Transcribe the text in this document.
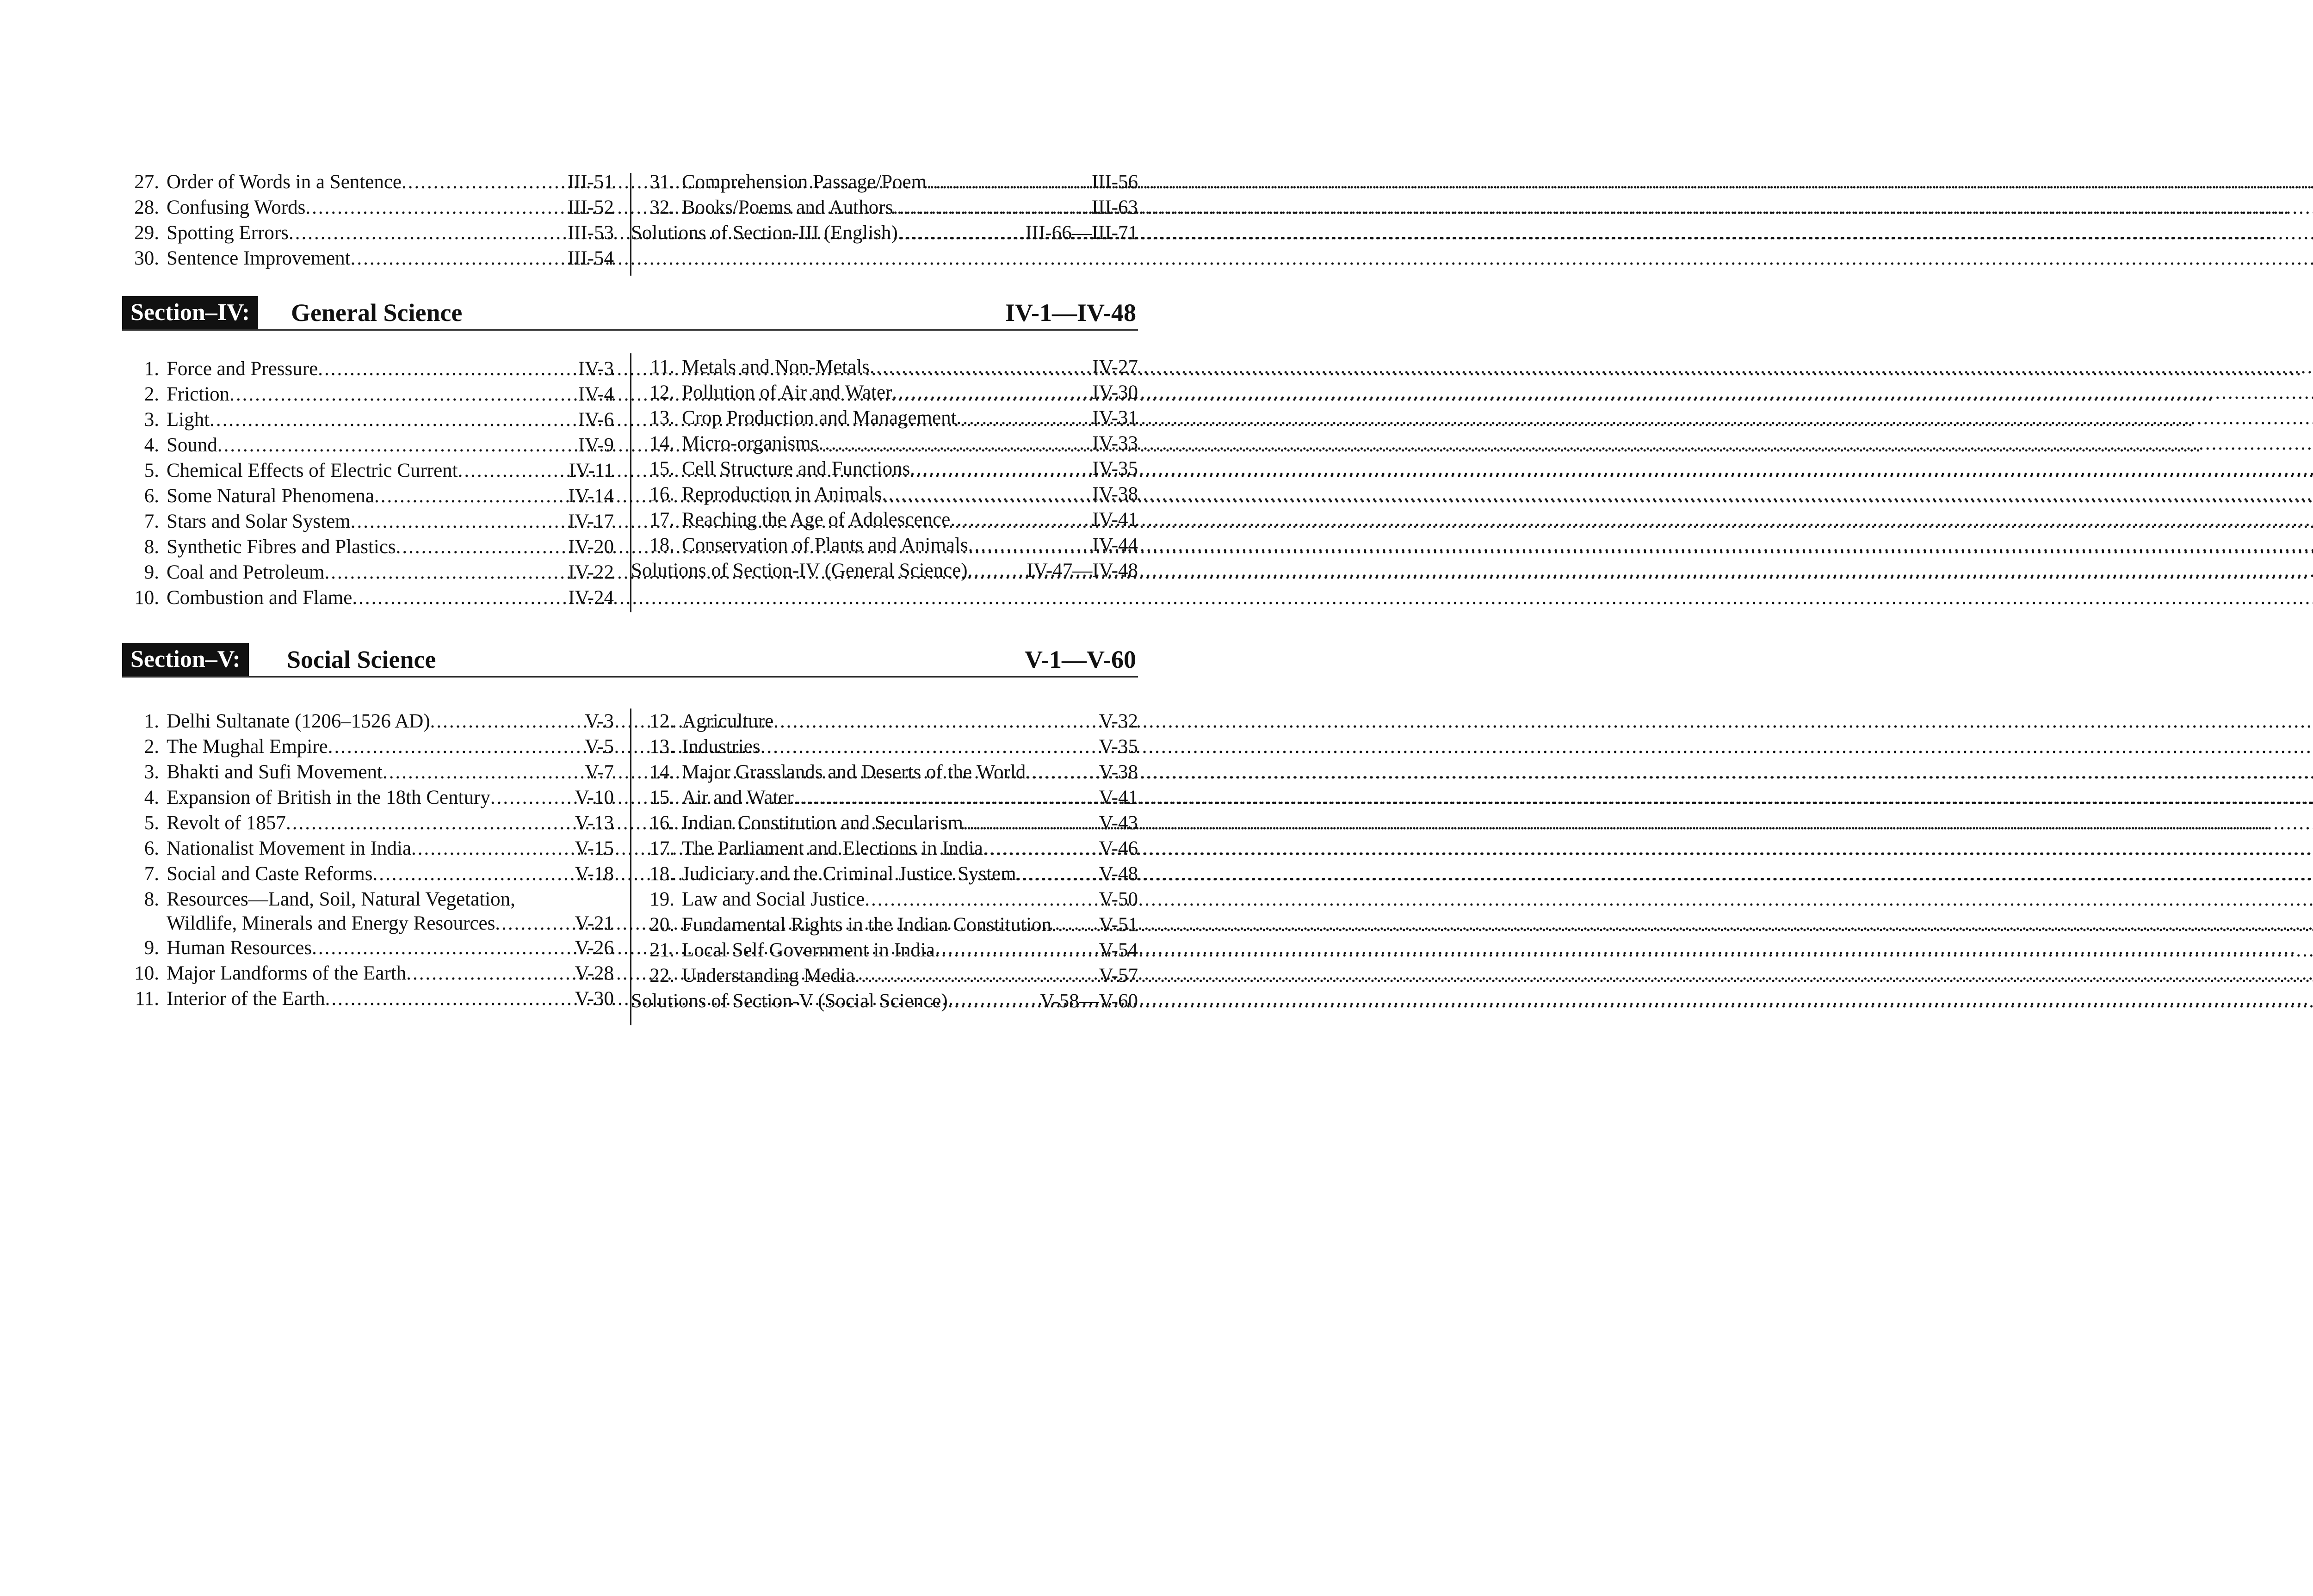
27. Order of Words in a Sentence .....	III-51
28. Confusing Words .....	III-52
29. Spotting Errors .....	III-53
30. Sentence Improvement .....	III-54
31. Comprehension Passage/Poem .....	III-56
32. Books/Poems and Authors .....	III-63
Solutions of Section-III (English) .....	III-66—III-71
Section–IV:	General Science	IV-1—IV-48
1. Force and Pressure .....	IV-3
2. Friction .....	IV-4
3. Light .....	IV-6
4. Sound .....	IV-9
5. Chemical Effects of Electric Current .....	IV-11
6. Some Natural Phenomena .....	IV-14
7. Stars and Solar System .....	IV-17
8. Synthetic Fibres and Plastics .....	IV-20
9. Coal and Petroleum .....	IV-22
10. Combustion and Flame .....	IV-24
11. Metals and Non-Metals .....	IV-27
12. Pollution of Air and Water .....	IV-30
13. Crop Production and Management .....	IV-31
14. Micro-organisms .....	IV-33
15. Cell Structure and Functions .....	IV-35
16. Reproduction in Animals .....	IV-38
17. Reaching the Age of Adolescence .....	IV-41
18. Conservation of Plants and Animals .....	IV-44
Solutions of Section-IV (General Science) .....	IV-47—IV-48
Section–V:	Social Science	V-1—V-60
1. Delhi Sultanate (1206–1526 AD) .....	V-3
2. The Mughal Empire .....	V-5
3. Bhakti and Sufi Movement .....	V-7
4. Expansion of British in the 18th Century .....	V-10
5. Revolt of 1857 .....	V-13
6. Nationalist Movement in India .....	V-15
7. Social and Caste Reforms .....	V-18
8. Resources—Land, Soil, Natural Vegetation,
Wildlife, Minerals and Energy Resources .....	V-21
9. Human Resources .....	V-26
10. Major Landforms of the Earth .....	V-28
11. Interior of the Earth .....	V-30
12. Agriculture .....	V-32
13. Industries .....	V-35
14. Major Grasslands and Deserts of the World .....	V-38
15. Air and Water .....	V-41
16. Indian Constitution and Secularism .....	V-43
17. The Parliament and Elections in India .....	V-46
18. Judiciary and the Criminal Justice System .....	V-48
19. Law and Social Justice .....	V-50
20. Fundamental Rights in the Indian Constitution ..... V-51
21. Local Self Government in India .....	V-54
22. Understanding Media .....	V-57
Solutions of Section-V (Social Science) .....	V-58—V-60
